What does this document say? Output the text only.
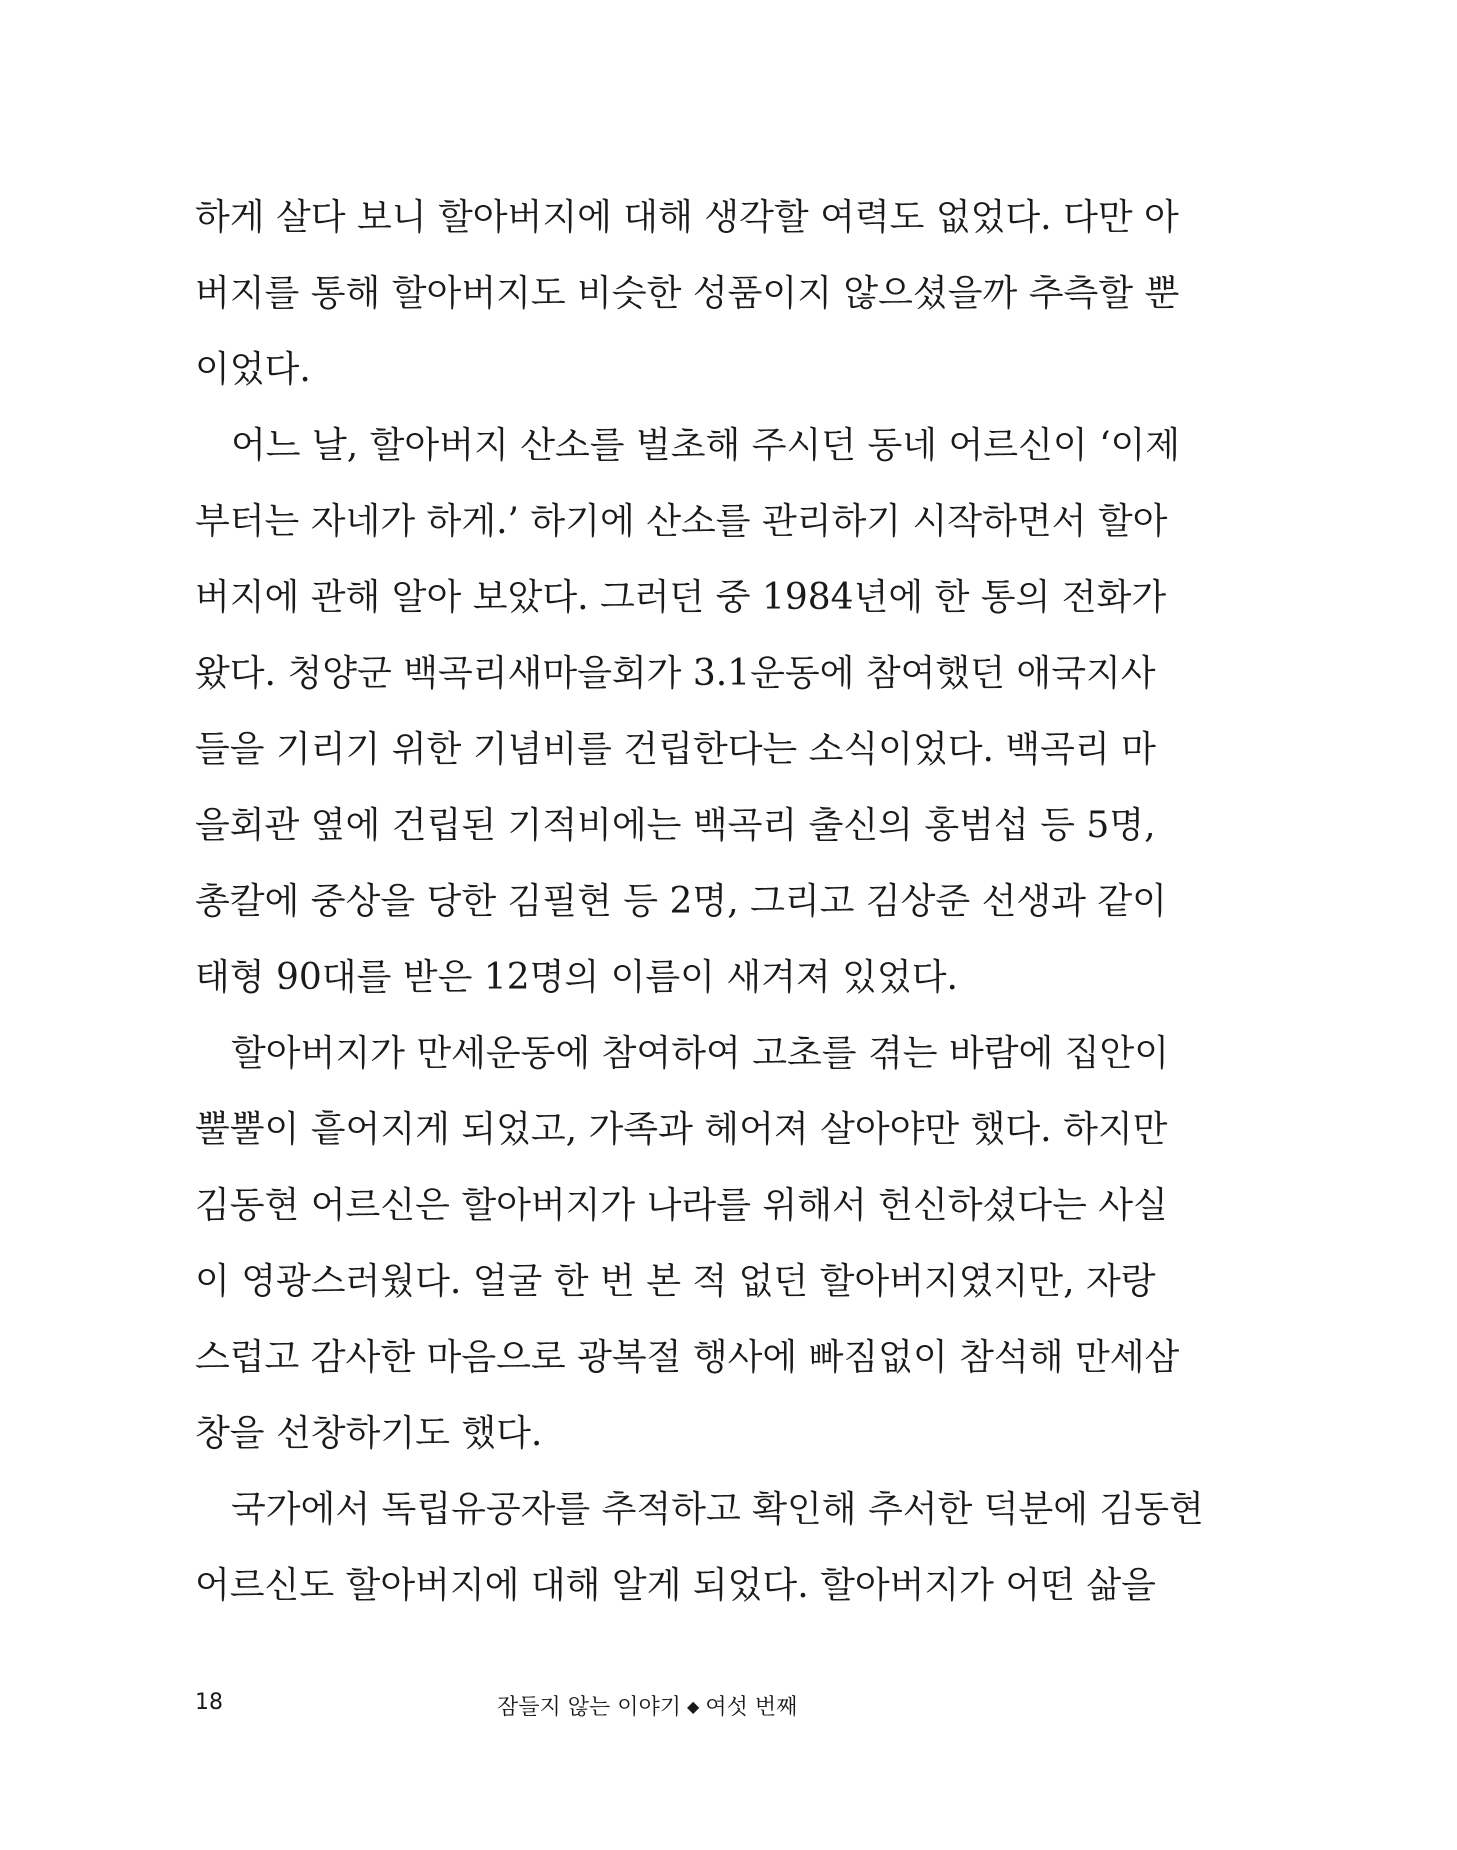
하게 살다 보니 할아버지에 대해 생각할 여력도 없었다. 다만 아
버지를 통해 할아버지도 비슷한 성품이지 않으셨을까 추측할 뿐
이었다.
어느 날, 할아버지 산소를 벌초해 주시던 동네 어르신이 ‘이제
부터는 자네가 하게.’ 하기에 산소를 관리하기 시작하면서 할아
버지에 관해 알아 보았다. 그러던 중 1984년에 한 통의 전화가
왔다. 청양군 백곡리새마을회가 3.1운동에 참여했던 애국지사
들을 기리기 위한 기념비를 건립한다는 소식이었다. 백곡리 마
을회관 옆에 건립된 기적비에는 백곡리 출신의 홍범섭 등 5명,
총칼에 중상을 당한 김필현 등 2명, 그리고 김상준 선생과 같이
태형 90대를 받은 12명의 이름이 새겨져 있었다.
할아버지가 만세운동에 참여하여 고초를 겪는 바람에 집안이
뿔뿔이 흩어지게 되었고, 가족과 헤어져 살아야만 했다. 하지만
김동현 어르신은 할아버지가 나라를 위해서 헌신하셨다는 사실
이 영광스러웠다. 얼굴 한 번 본 적 없던 할아버지였지만, 자랑
스럽고 감사한 마음으로 광복절 행사에 빠짐없이 참석해 만세삼
창을 선창하기도 했다.
국가에서 독립유공자를 추적하고 확인해 추서한 덕분에 김동현
어르신도 할아버지에 대해 알게 되었다. 할아버지가 어떤 삶을
18	잠들지 않는 이야기 ◆ 여섯 번째
